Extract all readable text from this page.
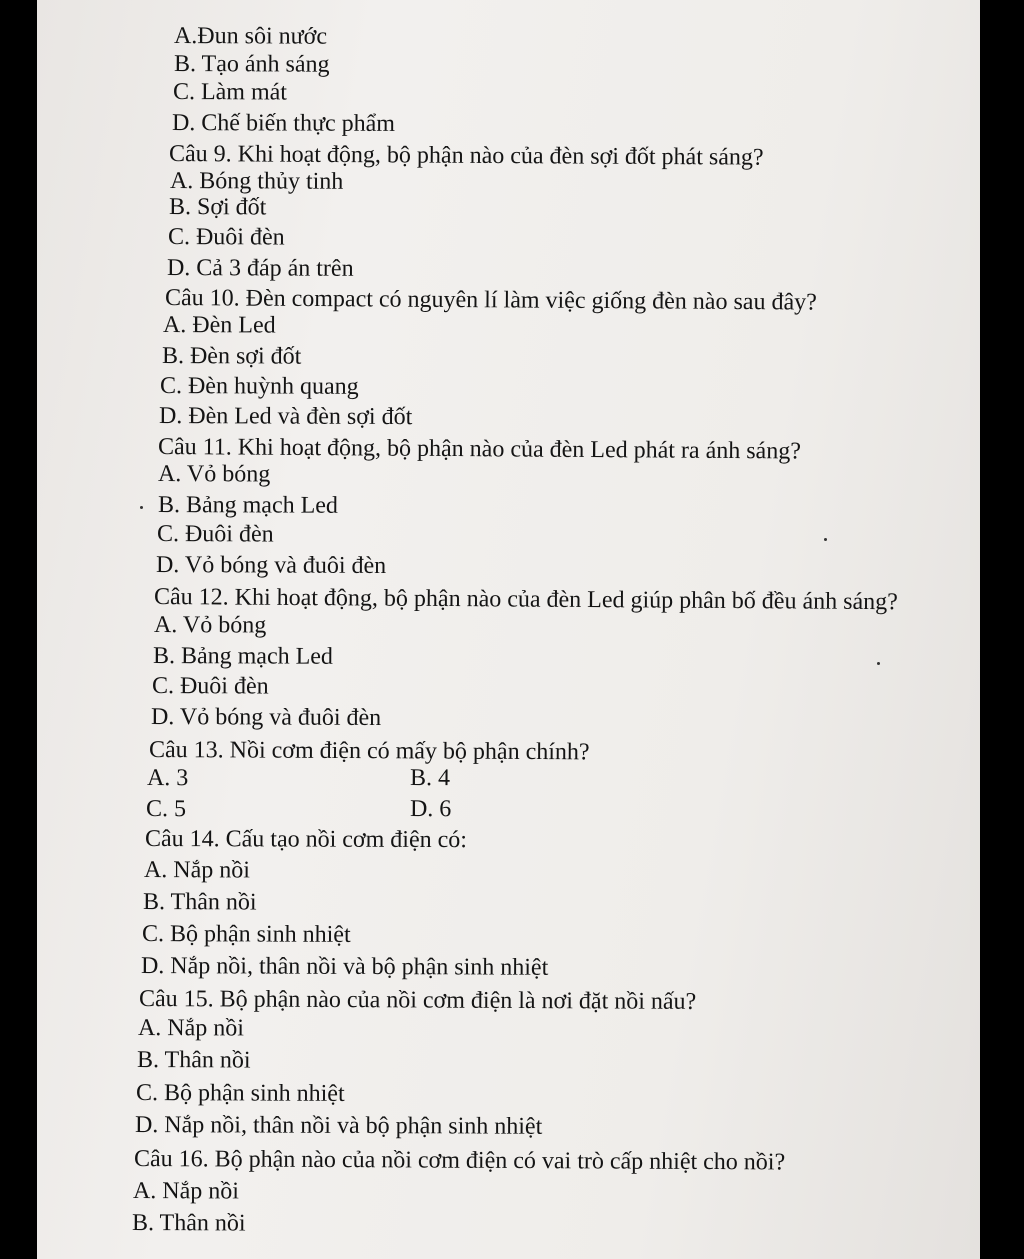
A.Đun sôi nước
B. Tạo ánh sáng
C. Làm mát
D. Chế biến thực phẩm
Câu 9. Khi hoạt động, bộ phận nào của đèn sợi đốt phát sáng?
A. Bóng thủy tinh
B. Sợi đốt
C. Đuôi đèn
D. Cả 3 đáp án trên
Câu 10. Đèn compact có nguyên lí làm việc giống đèn nào sau đây?
A. Đèn Led
B. Đèn sợi đốt
C. Đèn huỳnh quang
D. Đèn Led và đèn sợi đốt
Câu 11. Khi hoạt động, bộ phận nào của đèn Led phát ra ánh sáng?
A. Vỏ bóng
B. Bảng mạch Led
C. Đuôi đèn
D. Vỏ bóng và đuôi đèn
Câu 12. Khi hoạt động, bộ phận nào của đèn Led giúp phân bố đều ánh sáng?
A. Vỏ bóng
B. Bảng mạch Led
C. Đuôi đèn
D. Vỏ bóng và đuôi đèn
Câu 13. Nồi cơm điện có mấy bộ phận chính?
A. 3	B. 4
C. 5	D. 6
Câu 14. Cấu tạo nồi cơm điện có:
A. Nắp nồi
B. Thân nồi
C. Bộ phận sinh nhiệt
D. Nắp nồi, thân nồi và bộ phận sinh nhiệt
Câu 15. Bộ phận nào của nồi cơm điện là nơi đặt nồi nấu?
A. Nắp nồi
B. Thân nồi
C. Bộ phận sinh nhiệt
D. Nắp nồi, thân nồi và bộ phận sinh nhiệt
Câu 16. Bộ phận nào của nồi cơm điện có vai trò cấp nhiệt cho nồi?
A. Nắp nồi
B. Thân nồi
